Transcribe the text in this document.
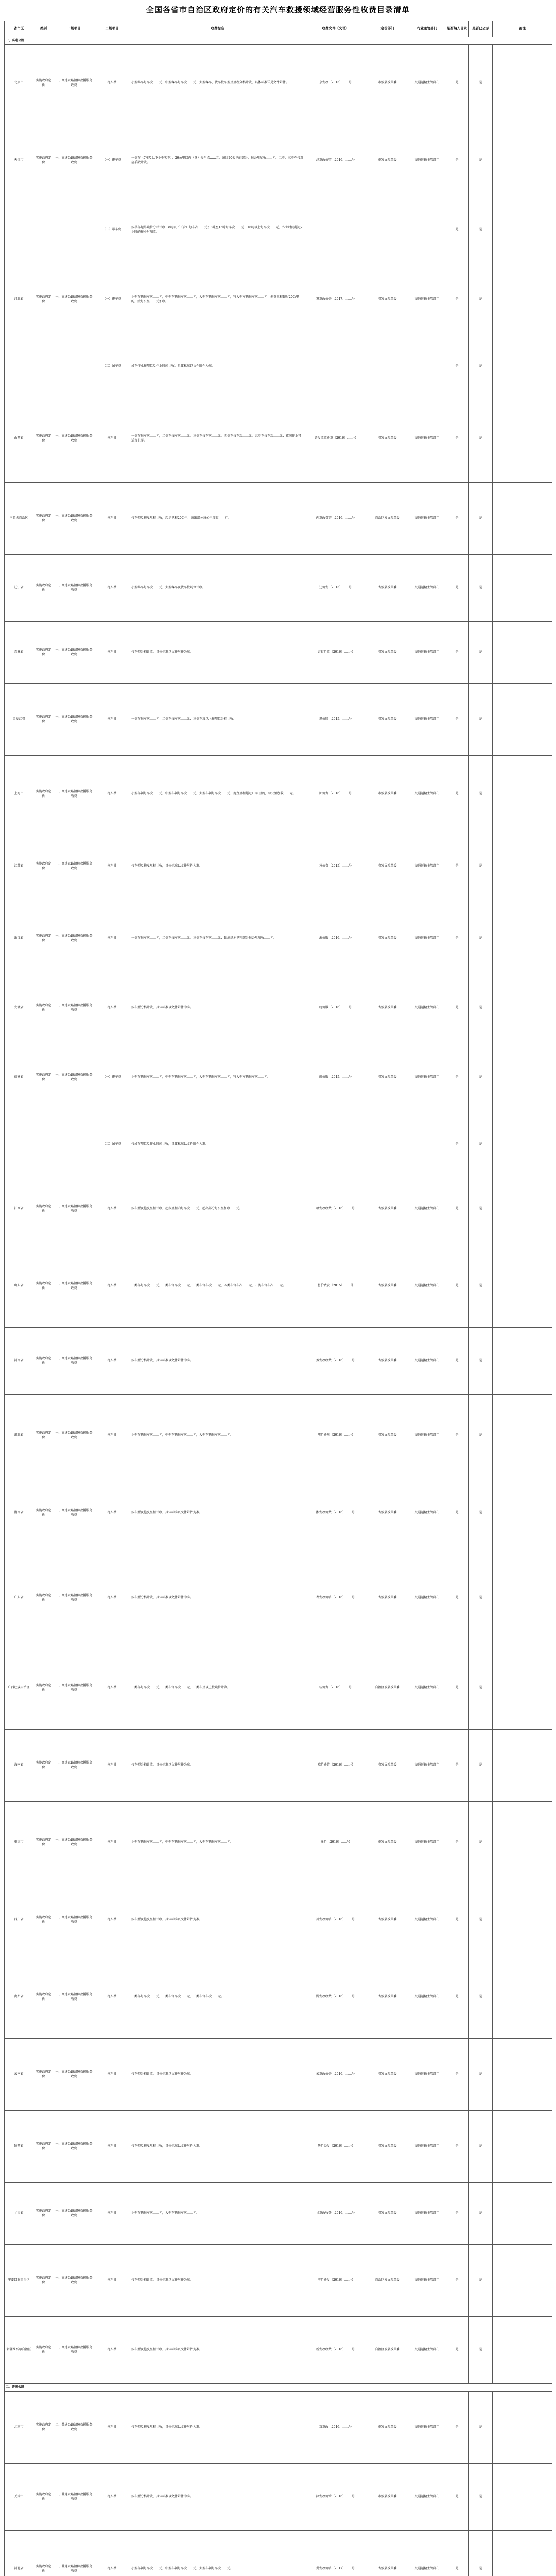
全国各省市自治区政府定价的有关汽车救援领域经营服务性收费目录清单
省市区	类别	一级项目	二级项目	收费标准	收费文件（文号）	定价部门	行业主管部门	是否纳入目录	是否已公示	备注
一、高速公路										
北京市	实施政府定价	一、高速公路清障救援服务收费	拖车费	小型客车每车次……元；中型客车每车次……元；大型客车、货车按车型及里程分档计收，具体标准详见文件附件。	京发改〔2015〕……号	市发展改革委	交通运输主管部门	是	是	
天津市	实施政府定价	一、高速公路清障救援服务收费	（一）拖车费	一类车（7座及以下小型客车）：20公里以内（含）每车次……元；超过20公里的部分，每公里加收……元。二类、三类车按对应系数计收。	津发改价管〔2016〕……号	市发展改革委	交通运输主管部门	是	是	
			（二）吊车费	按吊车起吊吨位分档计收：8吨以下（含）每车次……元；8吨至16吨每车次……元；16吨以上每车次……元，作业时间超过2小时的按小时加收。				是	是	
河北省	实施政府定价	一、高速公路清障救援服务收费	（一）拖车费	小型车辆每车次……元，中型车辆每车次……元，大型车辆每车次……元，特大型车辆每车次……元；拖曳里程超过20公里的，按每公里……元加收。	冀发改价格〔2017〕……号	省发展改革委	交通运输主管部门	是	是	
			（二）吊车费	吊车作业按吨位及作业时间计收，具体标准以文件附件为准。				是	是	
山西省	实施政府定价	一、高速公路清障救援服务收费	拖车费	一类车每车次……元，二类车每车次……元，三类车每车次……元，四类车每车次……元，五类车每车次……元；夜间作业可适当上浮。	晋发改收费发〔2016〕……号	省发展改革委	交通运输主管部门	是	是	
内蒙古自治区	实施政府定价	一、高速公路清障救援服务收费	拖车费	按车型及拖曳里程计收，起步里程20公里，超出部分每公里加收……元。	内发改费字〔2016〕……号	自治区发展改革委	交通运输主管部门	是	是	
辽宁省	实施政府定价	一、高速公路清障救援服务收费	拖车费	小型客车每车次……元，大型客车及货车按吨位计收。	辽价发〔2015〕……号	省发展改革委	交通运输主管部门	是	是	
吉林省	实施政府定价	一、高速公路清障救援服务收费	拖车费	按车型分档计收，具体标准以文件附件为准。	吉省价收〔2016〕……号	省发展改革委	交通运输主管部门	是	是	
黑龙江省	实施政府定价	一、高速公路清障救援服务收费	拖车费	一类车每车次……元；二类车每车次……元；三类车及以上按吨位分档计收。	黑价联〔2015〕……号	省发展改革委	交通运输主管部门	是	是	
上海市	实施政府定价	一、高速公路清障救援服务收费	拖车费	小型车辆每车次……元，中型车辆每车次……元，大型车辆每车次……元；拖曳里程超过10公里的，每公里加收……元。	沪价费〔2016〕……号	市发展改革委	交通运输主管部门	是	是	
江苏省	实施政府定价	一、高速公路清障救援服务收费	拖车费	按车型及拖曳里程计收，具体标准以文件附件为准。	苏价费〔2015〕……号	省发展改革委	交通运输主管部门	是	是	
浙江省	实施政府定价	一、高速公路清障救援服务收费	拖车费	一类车每车次……元，二类车每车次……元，三类车每车次……元；超出基本里程部分每公里加收……元。	浙价服〔2016〕……号	省发展改革委	交通运输主管部门	是	是	
安徽省	实施政府定价	一、高速公路清障救援服务收费	拖车费	按车型分档计收，具体标准以文件附件为准。	皖价服〔2016〕……号	省发展改革委	交通运输主管部门	是	是	
福建省	实施政府定价	一、高速公路清障救援服务收费	（一）拖车费	小型车辆每车次……元，中型车辆每车次……元，大型车辆每车次……元，特大型车辆每车次……元。	闽价服〔2015〕……号	省发展改革委	交通运输主管部门	是	是	
			（二）吊车费	按吊车吨位及作业时间计收，具体标准以文件附件为准。				是	是	
江西省	实施政府定价	一、高速公路清障救援服务收费	拖车费	按车型及拖曳里程计收，起步里程内每车次……元，超出部分每公里加收……元。	赣发改收费〔2016〕……号	省发展改革委	交通运输主管部门	是	是	
山东省	实施政府定价	一、高速公路清障救援服务收费	拖车费	一类车每车次……元，二类车每车次……元，三类车每车次……元，四类车每车次……元，五类车每车次……元。	鲁价费发〔2015〕……号	省发展改革委	交通运输主管部门	是	是	
河南省	实施政府定价	一、高速公路清障救援服务收费	拖车费	按车型分档计收，具体标准以文件附件为准。	豫发改收费〔2016〕……号	省发展改革委	交通运输主管部门	是	是	
湖北省	实施政府定价	一、高速公路清障救援服务收费	拖车费	小型车辆每车次……元，中型车辆每车次……元，大型车辆每车次……元。	鄂价费规〔2016〕……号	省发展改革委	交通运输主管部门	是	是	
湖南省	实施政府定价	一、高速公路清障救援服务收费	拖车费	按车型及拖曳里程计收，具体标准以文件附件为准。	湘发改价费〔2016〕……号	省发展改革委	交通运输主管部门	是	是	
广东省	实施政府定价	一、高速公路清障救援服务收费	拖车费	按车型分档计收，具体标准以文件附件为准。	粤发改价格〔2016〕……号	省发展改革委	交通运输主管部门	是	是	
广西壮族自治区	实施政府定价	一、高速公路清障救援服务收费	拖车费	一类车每车次……元，二类车每车次……元，三类车及以上按吨位计收。	桂价费〔2016〕……号	自治区发展改革委	交通运输主管部门	是	是	
海南省	实施政府定价	一、高速公路清障救援服务收费	拖车费	按车型分档计收，具体标准以文件附件为准。	琼价费管〔2016〕……号	省发展改革委	交通运输主管部门	是	是	
重庆市	实施政府定价	一、高速公路清障救援服务收费	拖车费	小型车辆每车次……元，中型车辆每车次……元，大型车辆每车次……元。	渝价〔2016〕……号	市发展改革委	交通运输主管部门	是	是	
四川省	实施政府定价	一、高速公路清障救援服务收费	拖车费	按车型及拖曳里程计收，具体标准以文件附件为准。	川发改价格〔2016〕……号	省发展改革委	交通运输主管部门	是	是	
贵州省	实施政府定价	一、高速公路清障救援服务收费	拖车费	一类车每车次……元，二类车每车次……元，三类车每车次……元。	黔发改收费〔2016〕……号	省发展改革委	交通运输主管部门	是	是	
云南省	实施政府定价	一、高速公路清障救援服务收费	拖车费	按车型分档计收，具体标准以文件附件为准。	云发改价格〔2016〕……号	省发展改革委	交通运输主管部门	是	是	
陕西省	实施政府定价	一、高速公路清障救援服务收费	拖车费	按车型及拖曳里程计收，具体标准以文件附件为准。	陕价经发〔2016〕……号	省发展改革委	交通运输主管部门	是	是	
甘肃省	实施政府定价	一、高速公路清障救援服务收费	拖车费	小型车辆每车次……元，大型车辆每车次……元。	甘发改收费〔2016〕……号	省发展改革委	交通运输主管部门	是	是	
宁夏回族自治区	实施政府定价	一、高速公路清障救援服务收费	拖车费	按车型分档计收，具体标准以文件附件为准。	宁价费发〔2016〕……号	自治区发展改革委	交通运输主管部门	是	是	
新疆维吾尔自治区	实施政府定价	一、高速公路清障救援服务收费	拖车费	按车型及拖曳里程计收，具体标准以文件附件为准。	新发改收费〔2016〕……号	自治区发展改革委	交通运输主管部门	是	是	
二、普通公路										
北京市	实施政府定价	二、普通公路清障救援服务收费	拖车费	按车型及拖曳里程计收，具体标准以文件附件为准。	京发改〔2016〕……号	市发展改革委	交通运输主管部门	是	是	
天津市	实施政府定价	二、普通公路清障救援服务收费	拖车费	按车型分档计收，具体标准以文件附件为准。	津发改价管〔2016〕……号	市发展改革委	交通运输主管部门	是	是	
河北省	实施政府定价	二、普通公路清障救援服务收费	拖车费	小型车辆每车次……元，中型车辆每车次……元，大型车辆每车次……元。	冀发改价格〔2017〕……号	省发展改革委	交通运输主管部门	是	是	
